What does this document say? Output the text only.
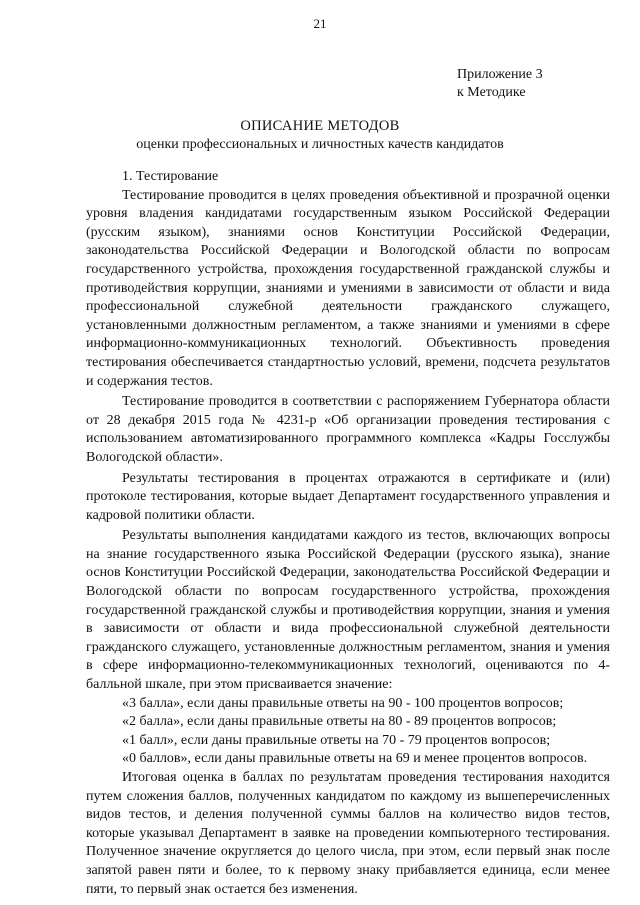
21
Приложение 3
к Методике
ОПИСАНИЕ МЕТОДОВ
оценки профессиональных и личностных качеств кандидатов

1. Тестирование

Тестирование проводится в целях проведения объективной и прозрачной оценки уровня владения кандидатами государственным языком Российской Федерации (русским языком), знаниями основ Конституции Российской Федерации, законодательства Российской Федерации и Вологодской области по вопросам государственного устройства, прохождения государственной гражданской службы и противодействия коррупции, знаниями и умениями в зависимости от области и вида профессиональной служебной деятельности гражданского служащего, установленными должностным регламентом, а также знаниями и умениями в сфере информационно-коммуникационных технологий. Объективность проведения тестирования обеспечивается стандартностью условий, времени, подсчета результатов и содержания тестов.

Тестирование проводится в соответствии с распоряжением Губернатора области от 28 декабря 2015 года № 4231-р «Об организации проведения тестирования с использованием автоматизированного программного комплекса «Кадры Госслужбы Вологодской области».

Результаты тестирования в процентах отражаются в сертификате и (или) протоколе тестирования, которые выдает Департамент государственного управления и кадровой политики области.

Результаты выполнения кандидатами каждого из тестов, включающих вопросы на знание государственного языка Российской Федерации (русского языка), знание основ Конституции Российской Федерации, законодательства Российской Федерации и Вологодской области по вопросам государственного устройства, прохождения государственной гражданской службы и противодействия коррупции, знания и умения в зависимости от области и вида профессиональной служебной деятельности гражданского служащего, установленные должностным регламентом, знания и умения в сфере информационно-телекоммуникационных технологий, оцениваются по 4-балльной шкале, при этом присваивается значение:

«3 балла», если даны правильные ответы на 90 - 100 процентов вопросов;

«2 балла», если даны правильные ответы на 80 - 89 процентов вопросов;

«1 балл», если даны правильные ответы на 70 - 79 процентов вопросов;

«0 баллов», если даны правильные ответы на 69 и менее процентов вопросов.

Итоговая оценка в баллах по результатам проведения тестирования находится путем сложения баллов, полученных кандидатом по каждому из вышеперечисленных видов тестов, и деления полученной суммы баллов на количество видов тестов, которые указывал Департамент в заявке на проведении компьютерного тестирования. Полученное значение округляется до целого числа, при этом, если первый знак после запятой равен пяти и более, то к первому знаку прибавляется единица, если менее пяти, то первый знак остается без изменения.
